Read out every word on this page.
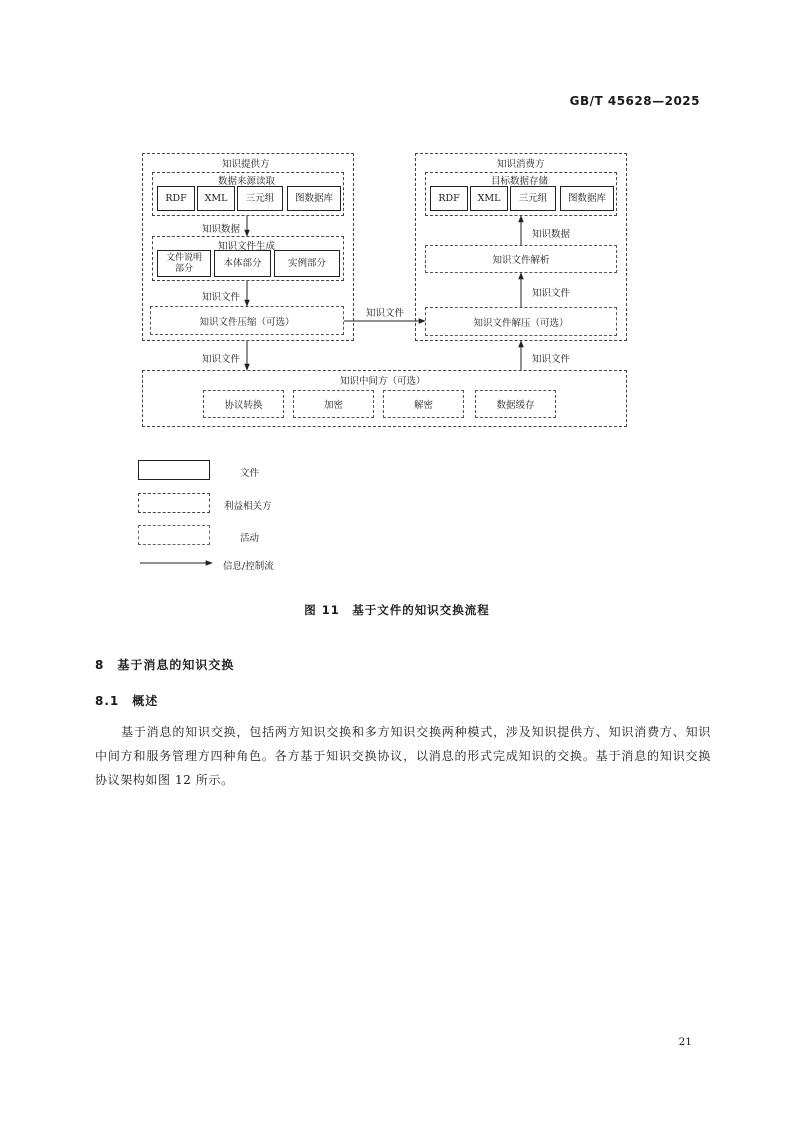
GB/T 45628—2025
知识提供方
数据来源读取
RDF	XML	三元组	图数据库
知识数据
知识文件生成
文件说明
部分	本体部分	实例部分
知识文件
知识文件压缩（可选）
知识消费方
目标数据存储
RDF	XML	三元组	图数据库
知识数据
知识文件解析
知识文件
知识文件解压（可选）
知识文件
知识文件	知识文件
知识中间方（可选）
协议转换	加密	解密	数据缓存
文件
利益相关方
活动
信息/控制流
图 11　基于文件的知识交换流程
8　基于消息的知识交换
8.1　概述
基于消息的知识交换，包括两方知识交换和多方知识交换两种模式，涉及知识提供方、知识消费方、知识中间方和服务管理方四种角色。各方基于知识交换协议，以消息的形式完成知识的交换。基于消息的知识交换协议架构如图 12 所示。
21
